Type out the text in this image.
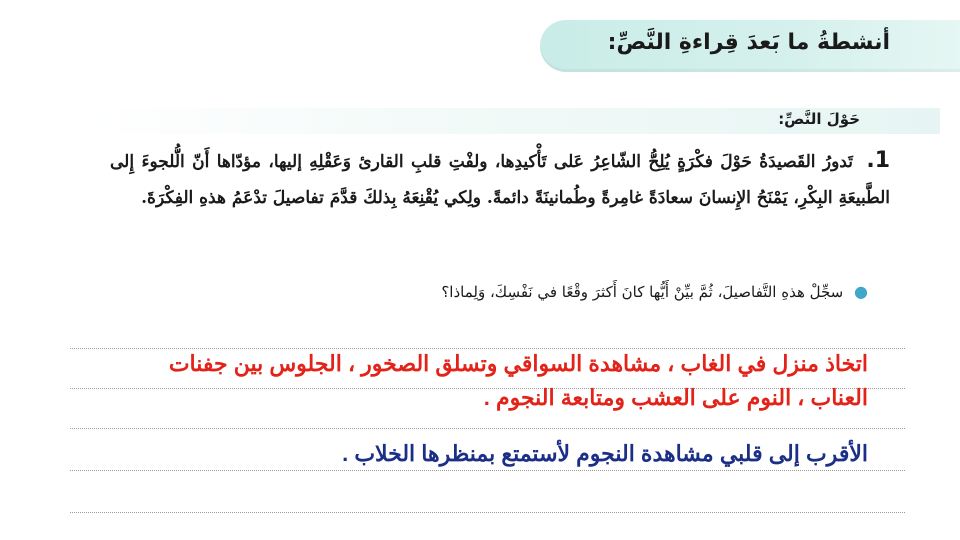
أنشطةُ ما بَعدَ قِراءةِ النَّصِّ:
حَوْلَ النَّصِّ:
1. تَدورُ القَصيدَةُ حَوْلَ فكْرَةٍ يُلِحُّ الشّاعِرُ عَلى تَأْكيدِها، ولفْتِ قلبِ القارئ وَعَقْلِهِ إليها، مؤدّاها أَنّ الُّلجوءَ إِلى الطَّبيعَةِ البِكْرِ، يَمْنَحُ الإِنسانَ سعادَةً غامِرةً وطُمانينَةً دائمةً. ولِكي يُقْنِعَهُ بِذلكَ قدَّمَ تفاصيلَ تدْعَمُ هذهِ الفِكْرَةَ.
● سجِّلْ هذهِ التَّفاصيلَ، ثُمَّ بيِّنْ أَيُّها كانَ أَكثرَ وقْعًا في نَفْسِكَ، وَلِماذا؟
اتخاذ منزل في الغاب ، مشاهدة السواقي وتسلق الصخور ، الجلوس بين جفنات العناب ، النوم على العشب ومتابعة النجوم .
الأقرب إلى قلبي مشاهدة النجوم لأستمتع بمنظرها الخلاب .
